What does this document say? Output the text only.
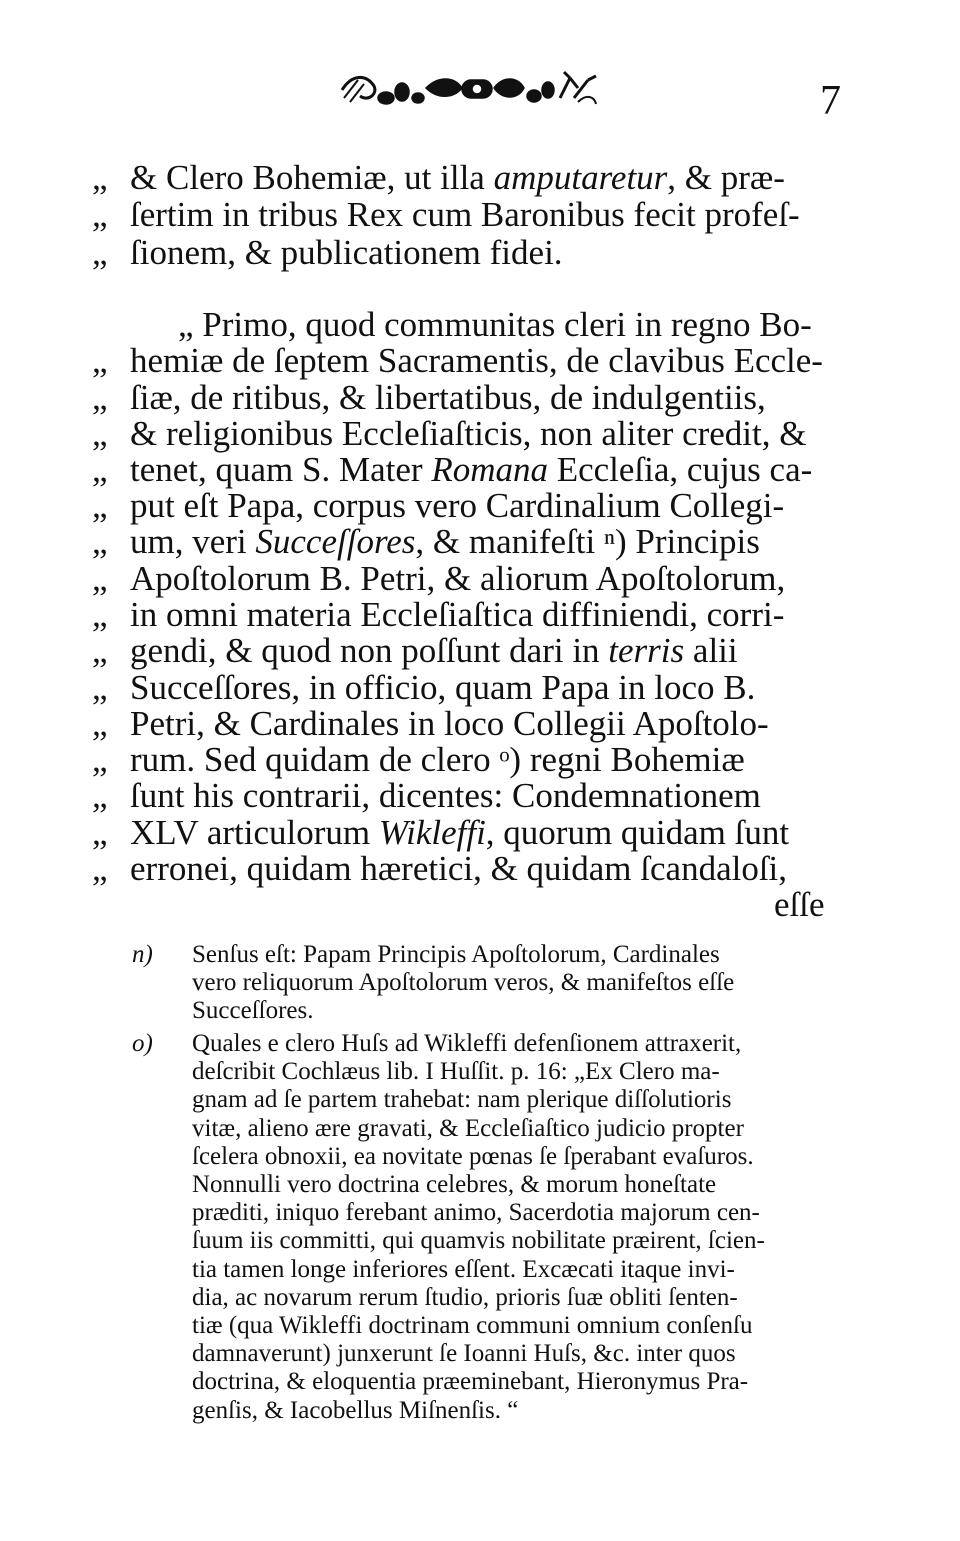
7
„ & Clero Bohemiæ, ut illa amputaretur, & præ-
„ ſertim in tribus Rex cum Baronibus fecit profeſ-
„ ſionem, & publicationem fidei.
„ Primo, quod communitas cleri in regno Bo-
„ hemiæ de ſeptem Sacramentis, de clavibus Eccle-
„ ſiæ, de ritibus, & libertatibus, de indulgentiis,
„ & religionibus Eccleſiaſticis, non aliter credit, &
„ tenet, quam S. Mater Romana Eccleſia, cujus ca-
„ put eſt Papa, corpus vero Cardinalium Collegi-
„ um, veri Succeſſores, & manifeſti ⁿ) Principis
„ Apoſtolorum B. Petri, & aliorum Apoſtolorum,
„ in omni materia Eccleſiaſtica diffiniendi, corri-
„ gendi, & quod non poſſunt dari in terris alii
„ Succeſſores, in officio, quam Papa in loco B.
„ Petri, & Cardinales in loco Collegii Apoſtolo-
„ rum. Sed quidam de clero ᵒ) regni Bohemiæ
„ ſunt his contrarii, dicentes: Condemnationem
„ XLV articulorum Wikleffi, quorum quidam ſunt
„ erronei, quidam hæretici, & quidam ſcandaloſi,
eſſe
n) Senſus eſt: Papam Principis Apoſtolorum, Cardinales
vero reliquorum Apoſtolorum veros, & manifeſtos eſſe
Succeſſores.
o) Quales e clero Huſs ad Wikleffi defenſionem attraxerit,
deſcribit Cochlæus lib. I Huſſit. p. 16: „Ex Clero ma-
gnam ad ſe partem trahebat: nam plerique diſſolutioris
vitæ, alieno ære gravati, & Eccleſiaſtico judicio propter
ſcelera obnoxii, ea novitate pœnas ſe ſperabant evaſuros.
Nonnulli vero doctrina celebres, & morum honeſtate
præditi, iniquo ferebant animo, Sacerdotia majorum cen-
ſuum iis committi, qui quamvis nobilitate præirent, ſcien-
tia tamen longe inferiores eſſent. Excæcati itaque invi-
dia, ac novarum rerum ſtudio, prioris ſuæ obliti ſenten-
tiæ (qua Wikleffi doctrinam communi omnium conſenſu
damnaverunt) junxerunt ſe Ioanni Huſs, &c. inter quos
doctrina, & eloquentia præeminebant, Hieronymus Pra-
genſis, & Iacobellus Miſnenſis. “
